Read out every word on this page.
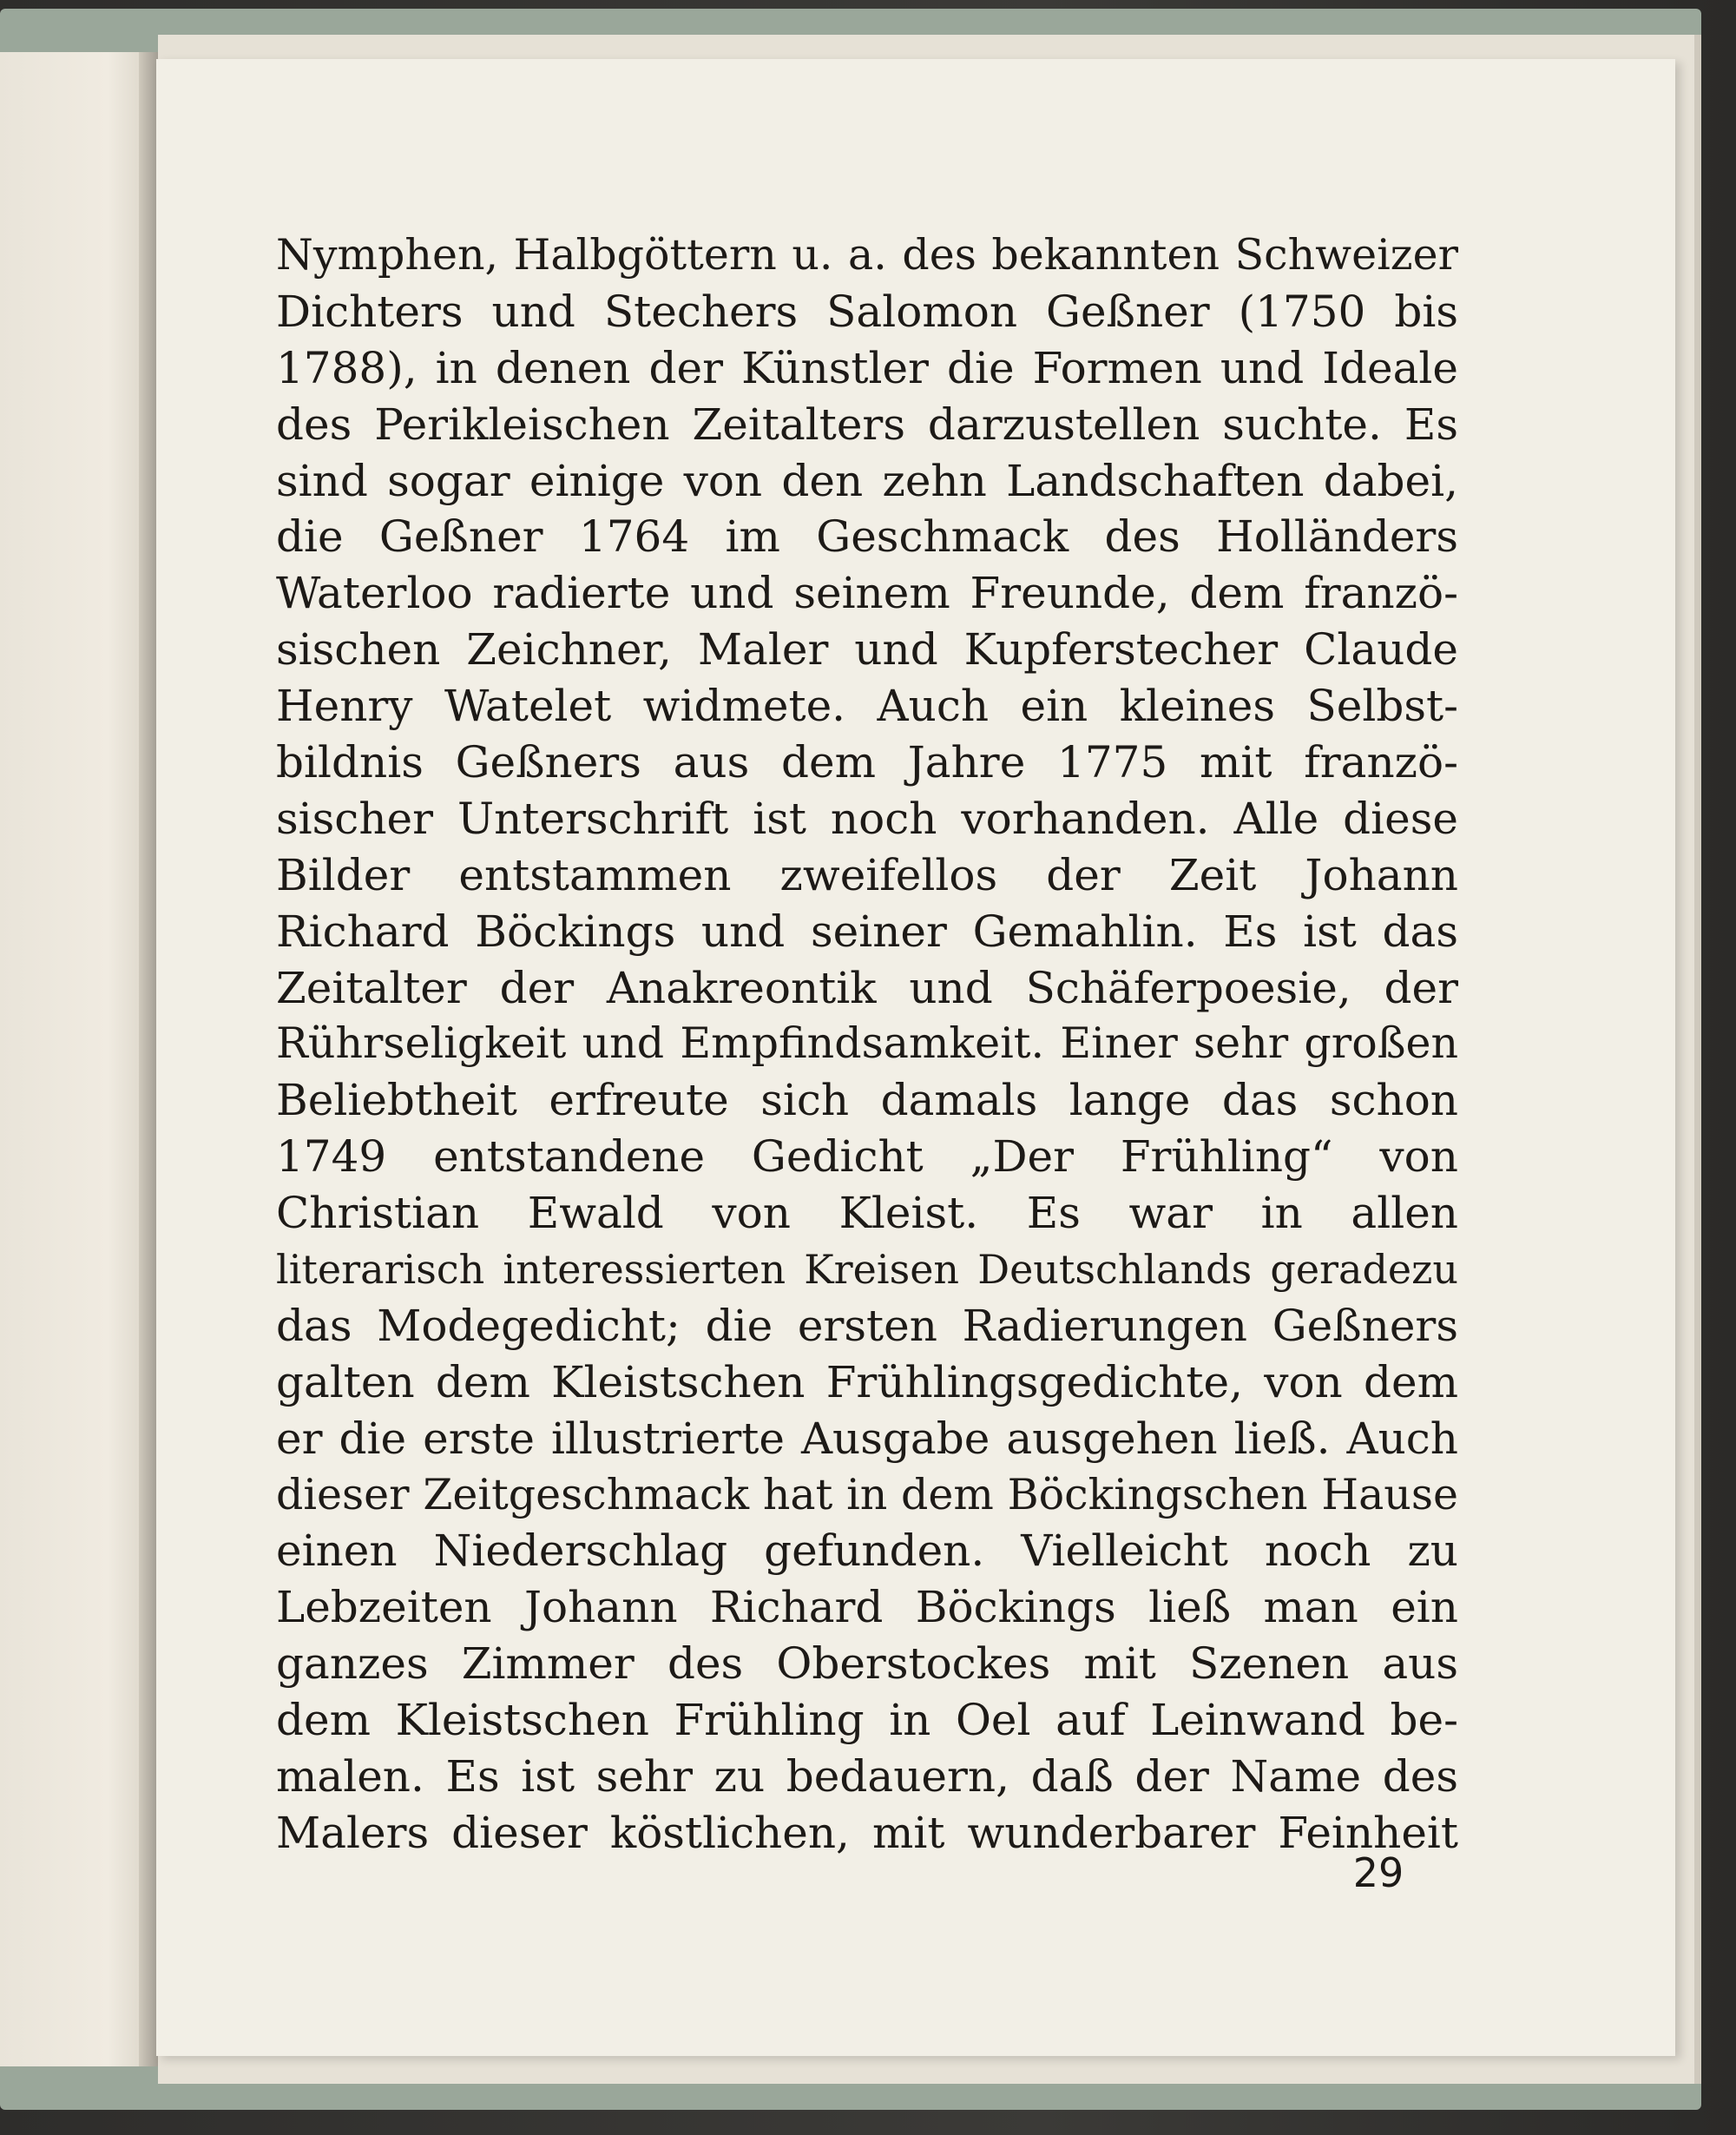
Nymphen, Halbgöttern u. a. des bekannten Schweizer
Dichters und Stechers Salomon Geßner (1750 bis
1788), in denen der Künstler die Formen und Ideale
des Perikleischen Zeitalters darzustellen suchte. Es
sind sogar einige von den zehn Landschaften dabei,
die Geßner 1764 im Geschmack des Holländers
Waterloo radierte und seinem Freunde, dem franzö-
sischen Zeichner, Maler und Kupferstecher Claude
Henry Watelet widmete. Auch ein kleines Selbst-
bildnis Geßners aus dem Jahre 1775 mit franzö-
sischer Unterschrift ist noch vorhanden. Alle diese
Bilder entstammen zweifellos der Zeit Johann
Richard Böckings und seiner Gemahlin. Es ist das
Zeitalter der Anakreontik und Schäferpoesie, der
Rührseligkeit und Empfindsamkeit. Einer sehr großen
Beliebtheit erfreute sich damals lange das schon
1749 entstandene Gedicht „Der Frühling“ von
Christian Ewald von Kleist. Es war in allen
literarisch interessierten Kreisen Deutschlands geradezu
das Modegedicht; die ersten Radierungen Geßners
galten dem Kleistschen Frühlingsgedichte, von dem
er die erste illustrierte Ausgabe ausgehen ließ. Auch
dieser Zeitgeschmack hat in dem Böckingschen Hause
einen Niederschlag gefunden. Vielleicht noch zu
Lebzeiten Johann Richard Böckings ließ man ein
ganzes Zimmer des Oberstockes mit Szenen aus
dem Kleistschen Frühling in Oel auf Leinwand be-
malen. Es ist sehr zu bedauern, daß der Name des
Malers dieser köstlichen, mit wunderbarer Feinheit
29
